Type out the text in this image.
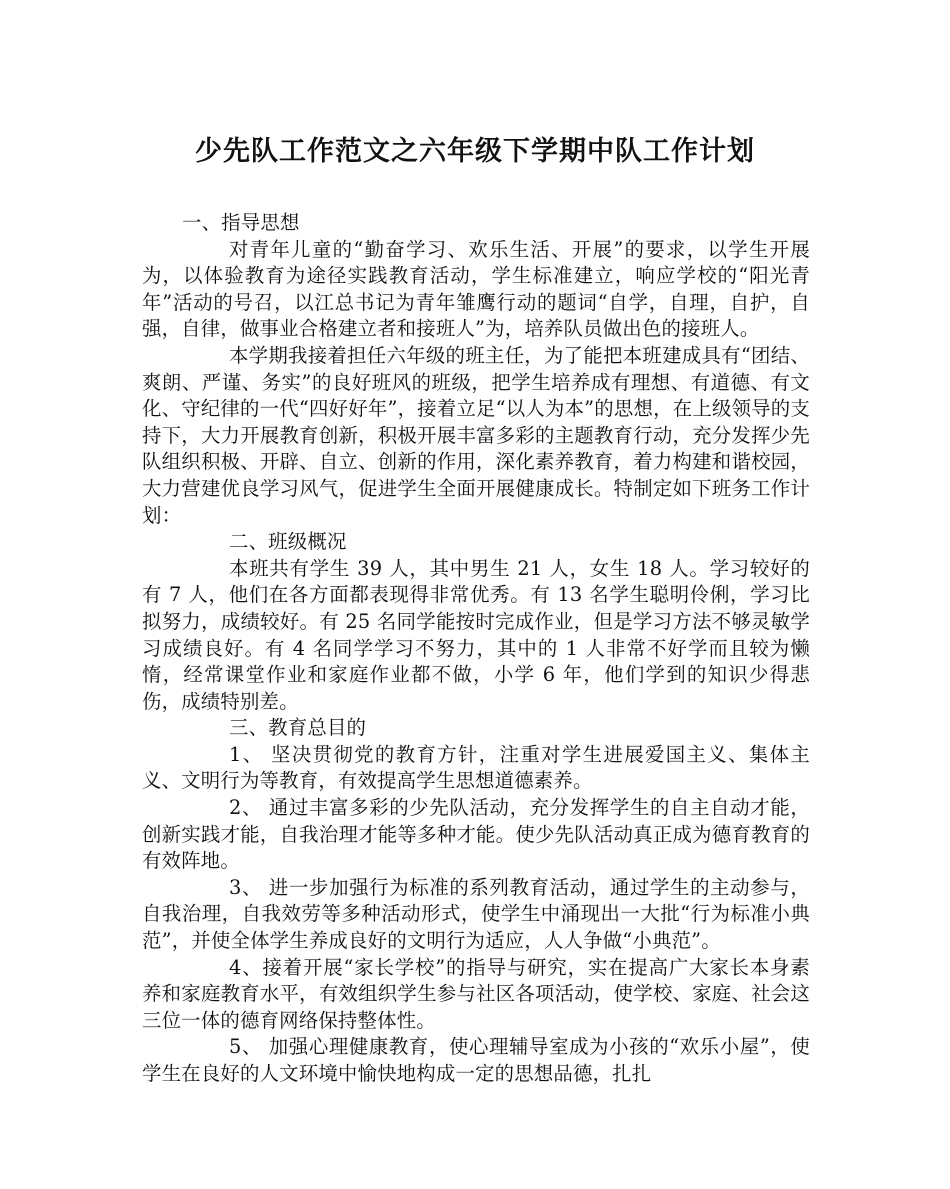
少先队工作范文之六年级下学期中队工作计划

一、指导思想

对青年儿童的“勤奋学习、欢乐生活、开展”的要求，以学生开展为，以体验教育为途径实践教育活动，学生标准建立，响应学校的“阳光青年”活动的号召，以江总书记为青年雏鹰行动的题词“自学，自理，自护，自强，自律，做事业合格建立者和接班人”为，培养队员做出色的接班人。

本学期我接着担任六年级的班主任，为了能把本班建成具有“团结、爽朗、严谨、务实”的良好班风的班级，把学生培养成有理想、有道德、有文化、守纪律的一代“四好好年”，接着立足“以人为本”的思想，在上级领导的支持下，大力开展教育创新，积极开展丰富多彩的主题教育行动，充分发挥少先队组织积极、开辟、自立、创新的作用，深化素养教育，着力构建和谐校园，大力营建优良学习风气，促进学生全面开展健康成长。特制定如下班务工作计划：

二、班级概况

本班共有学生 39 人，其中男生 21 人，女生 18 人。学习较好的有 7 人，他们在各方面都表现得非常优秀。有 13 名学生聪明伶俐，学习比拟努力，成绩较好。有 25 名同学能按时完成作业，但是学习方法不够灵敏学习成绩良好。有 4 名同学学习不努力，其中的 1 人非常不好学而且较为懒惰，经常课堂作业和家庭作业都不做，小学 6 年，他们学到的知识少得悲伤，成绩特别差。

三、教育总目的

1、 坚决贯彻党的教育方针，注重对学生进展爱国主义、集体主义、文明行为等教育，有效提高学生思想道德素养。

2、 通过丰富多彩的少先队活动，充分发挥学生的自主自动才能，创新实践才能，自我治理才能等多种才能。使少先队活动真正成为德育教育的有效阵地。

3、 进一步加强行为标准的系列教育活动，通过学生的主动参与，自我治理，自我效劳等多种活动形式，使学生中涌现出一大批“行为标准小典范”，并使全体学生养成良好的文明行为适应，人人争做“小典范”。

4、接着开展“家长学校”的指导与研究，实在提高广大家长本身素养和家庭教育水平，有效组织学生参与社区各项活动，使学校、家庭、社会这三位一体的德育网络保持整体性。

5、 加强心理健康教育，使心理辅导室成为小孩的“欢乐小屋”，使学生在良好的人文环境中愉快地构成一定的思想品德，扎扎
